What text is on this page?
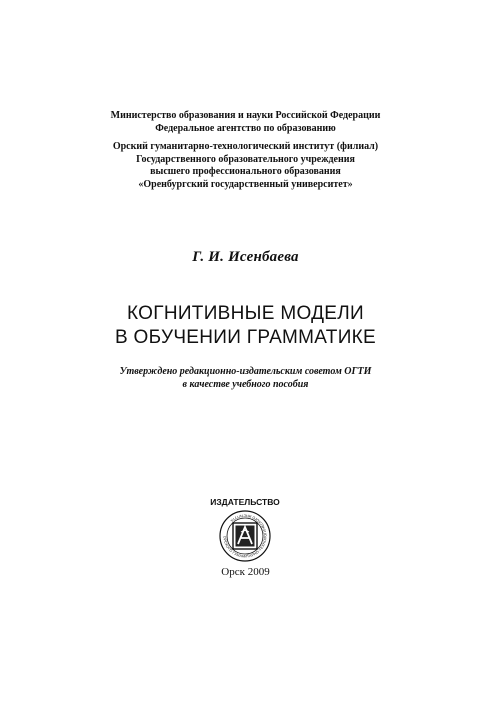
Министерство образования и науки Российской Федерации
Федеральное агентство по образованию
Орский гуманитарно-технологический институт (филиал)
Государственного образовательного учреждения
высшего профессионального образования
«Оренбургский государственный университет»
Г. И. Исенбаева
КОГНИТИВНЫЕ МОДЕЛИ
В ОБУЧЕНИИ ГРАММАТИКЕ
Утверждено редакционно-издательским советом ОГТИ
в качестве учебного пособия
ИЗДАТЕЛЬСТВО
ОРСКОГО ГУМАНИТАРНО-ТЕХНОЛОГИЧЕСКОГО ИНСТИТУТА
Орск 2009
